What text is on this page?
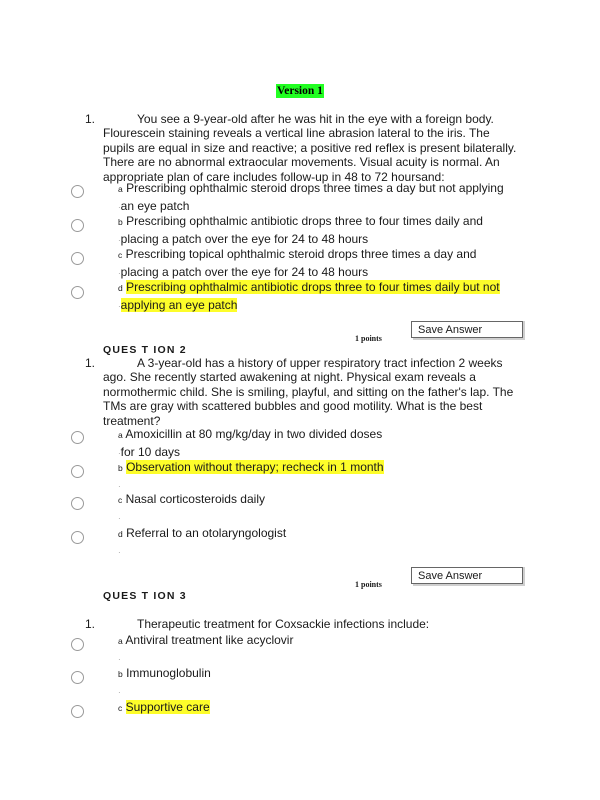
Version 1
1.	You see a 9-year-old after he was hit in the eye with a foreign body.
Flourescein staining reveals a vertical line abrasion lateral to the iris. The
pupils are equal in size and reactive; a positive red reflex is present bilaterally.
There are no abnormal extraocular movements. Visual acuity is normal. An
appropriate plan of care includes follow-up in 48 to 72 hoursand:
a Prescribing ophthalmic steroid drops three times a day but not applying
·an eye patch
b Prescribing ophthalmic antibiotic drops three to four times daily and
·placing a patch over the eye for 24 to 48 hours
c Prescribing topical ophthalmic steroid drops three times a day and
·placing a patch over the eye for 24 to 48 hours
d Prescribing ophthalmic antibiotic drops three to four times daily but not
·applying an eye patch
1 points
Save Answer
QUES T ION 2
1.	A 3-year-old has a history of upper respiratory tract infection 2 weeks
ago. She recently started awakening at night. Physical exam reveals a
normothermic child. She is smiling, playful, and sitting on the father's lap. The
TMs are gray with scattered bubbles and good motility. What is the best
treatment?
a Amoxicillin at 80 mg/kg/day in two divided doses
·for 10 days
b Observation without therapy; recheck in 1 month
·
c Nasal corticosteroids daily
·
d Referral to an otolaryngologist
·
1 points
Save Answer
QUES T ION 3
1.	Therapeutic treatment for Coxsackie infections include:
a Antiviral treatment like acyclovir
·
b Immunoglobulin
·
c Supportive care
